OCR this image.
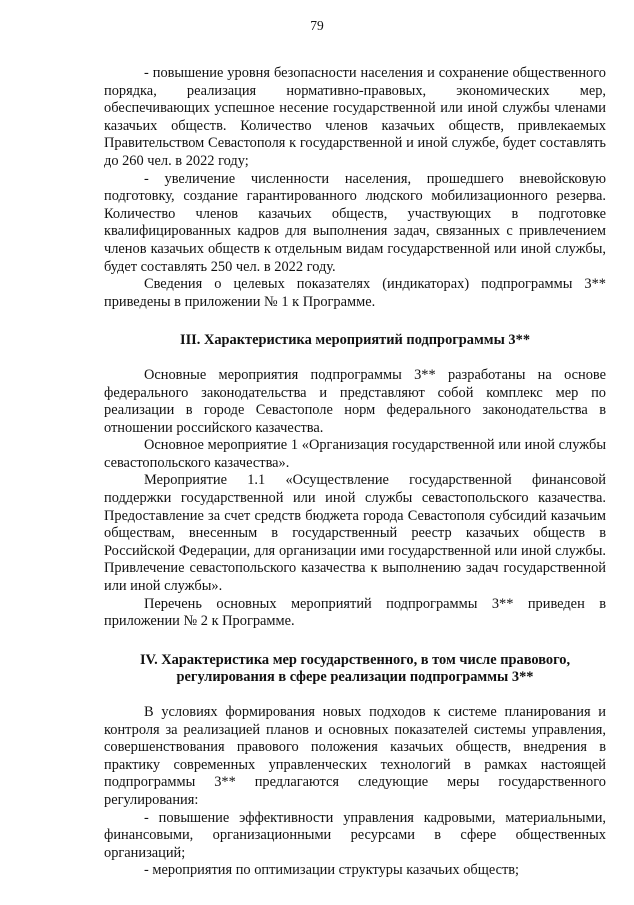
79

- повышение уровня безопасности населения и сохранение общественного порядка, реализация нормативно-правовых, экономических мер, обеспечивающих успешное несение государственной или иной службы членами казачьих обществ. Количество членов казачьих обществ, привлекаемых Правительством Севастополя к государственной и иной службе, будет составлять до 260 чел. в 2022 году;

- увеличение численности населения, прошедшего вневойсковую подготовку, создание гарантированного людского мобилизационного резерва. Количество членов казачьих обществ, участвующих в подготовке квалифицированных кадров для выполнения задач, связанных с привлечением членов казачьих обществ к отдельным видам государственной или иной службы, будет составлять 250 чел. в 2022 году.

Сведения о целевых показателях (индикаторах) подпрограммы 3** приведены в приложении № 1 к Программе.

III. Характеристика мероприятий подпрограммы 3**

Основные мероприятия подпрограммы 3** разработаны на основе федерального законодательства и представляют собой комплекс мер по реализации в городе Севастополе норм федерального законодательства в отношении российского казачества.

Основное мероприятие 1 «Организация государственной или иной службы севастопольского казачества».

Мероприятие 1.1 «Осуществление государственной финансовой поддержки государственной или иной службы севастопольского казачества. Предоставление за счет средств бюджета города Севастополя субсидий казачьим обществам, внесенным в государственный реестр казачьих обществ в Российской Федерации, для организации ими государственной или иной службы. Привлечение севастопольского казачества к выполнению задач государственной или иной службы».

Перечень основных мероприятий подпрограммы 3** приведен в приложении № 2 к Программе.

IV. Характеристика мер государственного, в том числе правового,
регулирования в сфере реализации подпрограммы 3**

В условиях формирования новых подходов к системе планирования и контроля за реализацией планов и основных показателей системы управления, совершенствования правового положения казачьих обществ, внедрения в практику современных управленческих технологий в рамках настоящей подпрограммы 3** предлагаются следующие меры государственного регулирования:

- повышение эффективности управления кадровыми, материальными, финансовыми, организационными ресурсами в сфере общественных организаций;

- мероприятия по оптимизации структуры казачьих обществ;
